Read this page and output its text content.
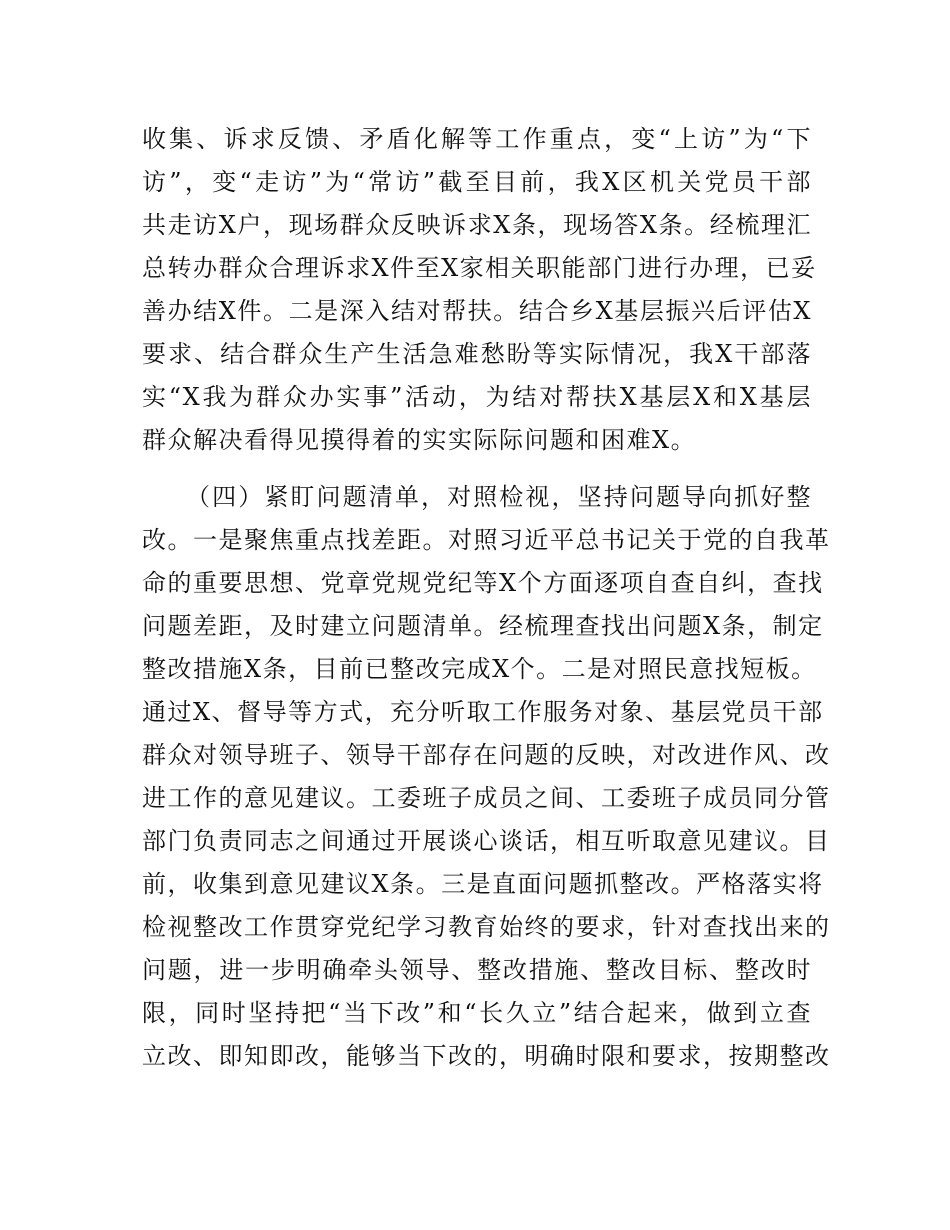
收集、诉求反馈、矛盾化解等工作重点，变“上访”为“下
访”，变“走访”为“常访”截至目前，我X区机关党员干部
共走访X户，现场群众反映诉求X条，现场答X条。经梳理汇
总转办群众合理诉求X件至X家相关职能部门进行办理，已妥
善办结X件。二是深入结对帮扶。结合乡X基层振兴后评估X
要求、结合群众生产生活急难愁盼等实际情况，我X干部落
实“X我为群众办实事”活动，为结对帮扶X基层X和X基层
群众解决看得见摸得着的实实际际问题和困难X。
（四）紧盯问题清单，对照检视，坚持问题导向抓好整
改。一是聚焦重点找差距。对照习近平总书记关于党的自我革
命的重要思想、党章党规党纪等X个方面逐项自查自纠，查找
问题差距，及时建立问题清单。经梳理查找出问题X条，制定
整改措施X条，目前已整改完成X个。二是对照民意找短板。
通过X、督导等方式，充分听取工作服务对象、基层党员干部
群众对领导班子、领导干部存在问题的反映，对改进作风、改
进工作的意见建议。工委班子成员之间、工委班子成员同分管
部门负责同志之间通过开展谈心谈话，相互听取意见建议。目
前，收集到意见建议X条。三是直面问题抓整改。严格落实将
检视整改工作贯穿党纪学习教育始终的要求，针对查找出来的
问题，进一步明确牵头领导、整改措施、整改目标、整改时
限，同时坚持把“当下改”和“长久立”结合起来，做到立查
立改、即知即改，能够当下改的，明确时限和要求，按期整改
